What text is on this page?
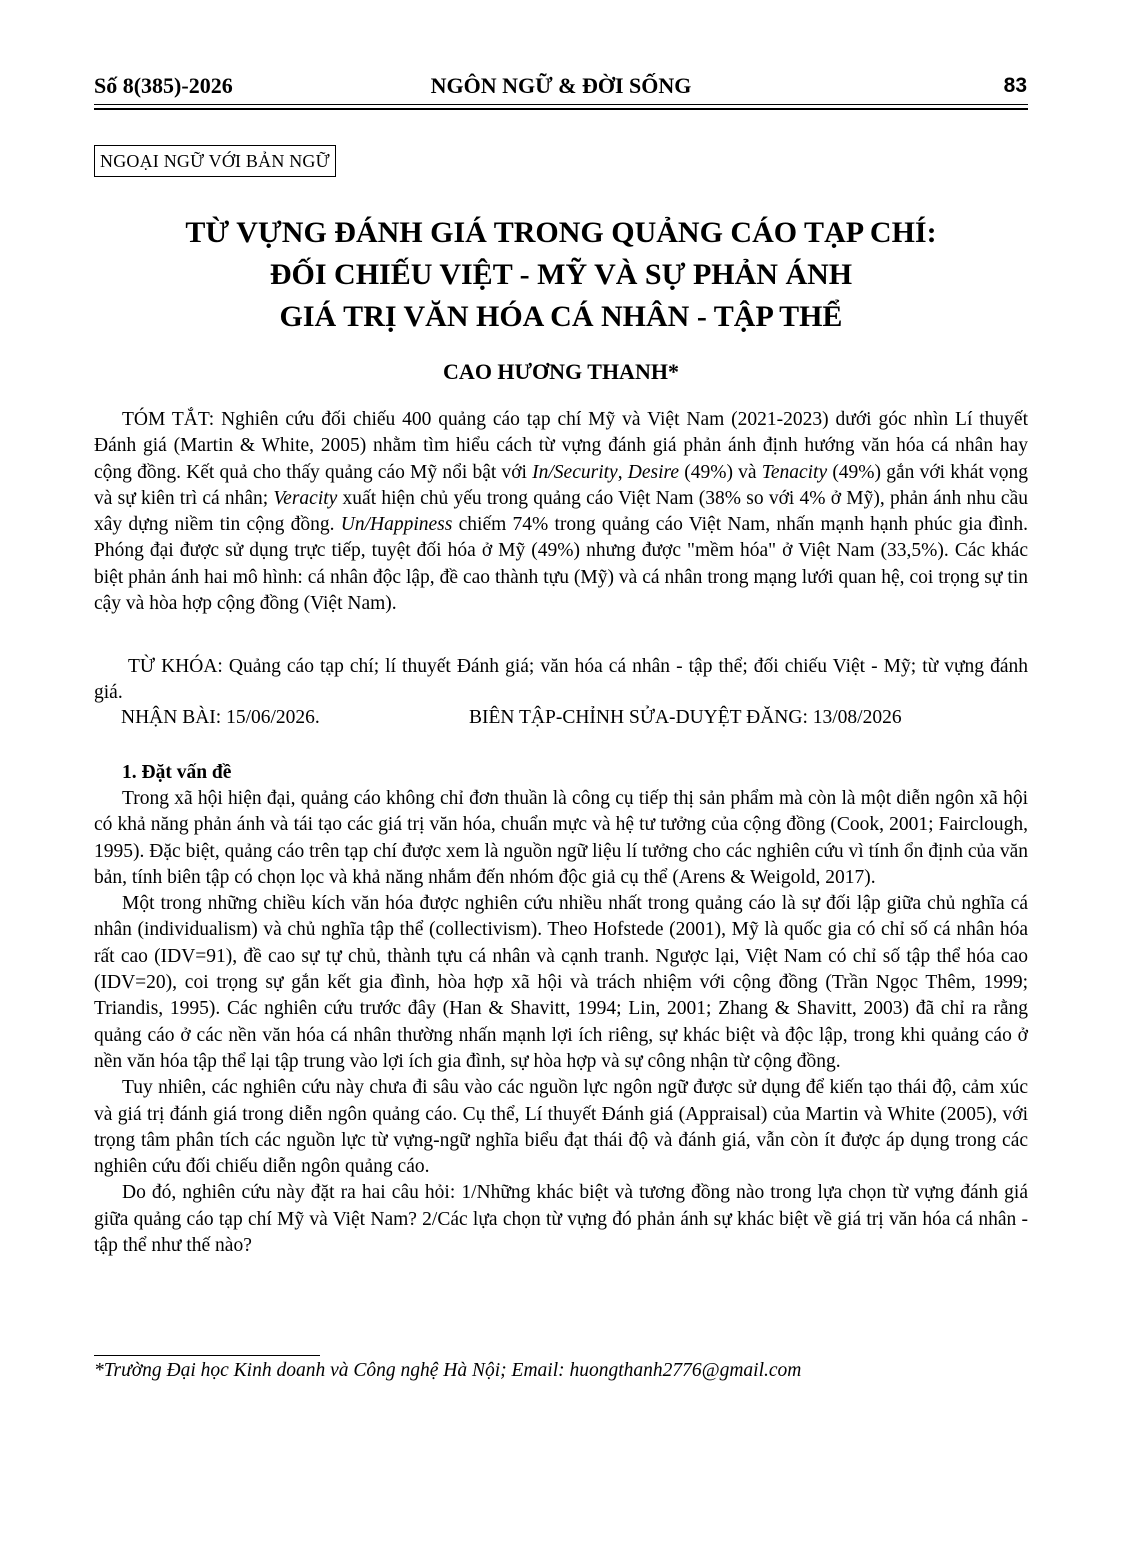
NGÔN NGỮ & ĐỜI SỐNG
Số 8(385)-2026	83
NGOẠI NGỮ VỚI BẢN NGỮ
TỪ VỰNG ĐÁNH GIÁ TRONG QUẢNG CÁO TẠP CHÍ:
ĐỐI CHIẾU VIỆT - MỸ VÀ SỰ PHẢN ÁNH
GIÁ TRỊ VĂN HÓA CÁ NHÂN - TẬP THỂ
CAO HƯƠNG THANH*

TÓM TẮT: Nghiên cứu đối chiếu 400 quảng cáo tạp chí Mỹ và Việt Nam (2021-2023) dưới góc nhìn Lí thuyết Đánh giá (Martin & White, 2005) nhằm tìm hiểu cách từ vựng đánh giá phản ánh định hướng văn hóa cá nhân hay cộng đồng. Kết quả cho thấy quảng cáo Mỹ nổi bật với In/Security, Desire (49%) và Tenacity (49%) gắn với khát vọng và sự kiên trì cá nhân; Veracity xuất hiện chủ yếu trong quảng cáo Việt Nam (38% so với 4% ở Mỹ), phản ánh nhu cầu xây dựng niềm tin cộng đồng. Un/Happiness chiếm 74% trong quảng cáo Việt Nam, nhấn mạnh hạnh phúc gia đình. Phóng đại được sử dụng trực tiếp, tuyệt đối hóa ở Mỹ (49%) nhưng được "mềm hóa" ở Việt Nam (33,5%). Các khác biệt phản ánh hai mô hình: cá nhân độc lập, đề cao thành tựu (Mỹ) và cá nhân trong mạng lưới quan hệ, coi trọng sự tin cậy và hòa hợp cộng đồng (Việt Nam).

TỪ KHÓA: Quảng cáo tạp chí; lí thuyết Đánh giá; văn hóa cá nhân - tập thể; đối chiếu Việt - Mỹ; từ vựng đánh giá.

NHẬN BÀI: 15/06/2026.	BIÊN TẬP-CHỈNH SỬA-DUYỆT ĐĂNG: 13/08/2026
1. Đặt vấn đề

Trong xã hội hiện đại, quảng cáo không chỉ đơn thuần là công cụ tiếp thị sản phẩm mà còn là một diễn ngôn xã hội có khả năng phản ánh và tái tạo các giá trị văn hóa, chuẩn mực và hệ tư tưởng của cộng đồng (Cook, 2001; Fairclough, 1995). Đặc biệt, quảng cáo trên tạp chí được xem là nguồn ngữ liệu lí tưởng cho các nghiên cứu vì tính ổn định của văn bản, tính biên tập có chọn lọc và khả năng nhắm đến nhóm độc giả cụ thể (Arens & Weigold, 2017).

Một trong những chiều kích văn hóa được nghiên cứu nhiều nhất trong quảng cáo là sự đối lập giữa chủ nghĩa cá nhân (individualism) và chủ nghĩa tập thể (collectivism). Theo Hofstede (2001), Mỹ là quốc gia có chỉ số cá nhân hóa rất cao (IDV=91), đề cao sự tự chủ, thành tựu cá nhân và cạnh tranh. Ngược lại, Việt Nam có chỉ số tập thể hóa cao (IDV=20), coi trọng sự gắn kết gia đình, hòa hợp xã hội và trách nhiệm với cộng đồng (Trần Ngọc Thêm, 1999; Triandis, 1995). Các nghiên cứu trước đây (Han & Shavitt, 1994; Lin, 2001; Zhang & Shavitt, 2003) đã chỉ ra rằng quảng cáo ở các nền văn hóa cá nhân thường nhấn mạnh lợi ích riêng, sự khác biệt và độc lập, trong khi quảng cáo ở nền văn hóa tập thể lại tập trung vào lợi ích gia đình, sự hòa hợp và sự công nhận từ cộng đồng.

Tuy nhiên, các nghiên cứu này chưa đi sâu vào các nguồn lực ngôn ngữ được sử dụng để kiến tạo thái độ, cảm xúc và giá trị đánh giá trong diễn ngôn quảng cáo. Cụ thể, Lí thuyết Đánh giá (Appraisal) của Martin và White (2005), với trọng tâm phân tích các nguồn lực từ vựng-ngữ nghĩa biểu đạt thái độ và đánh giá, vẫn còn ít được áp dụng trong các nghiên cứu đối chiếu diễn ngôn quảng cáo.

Do đó, nghiên cứu này đặt ra hai câu hỏi: 1/Những khác biệt và tương đồng nào trong lựa chọn từ vựng đánh giá giữa quảng cáo tạp chí Mỹ và Việt Nam? 2/Các lựa chọn từ vựng đó phản ánh sự khác biệt về giá trị văn hóa cá nhân - tập thể như thế nào?

*Trường Đại học Kinh doanh và Công nghệ Hà Nội; Email: huongthanh2776@gmail.com
